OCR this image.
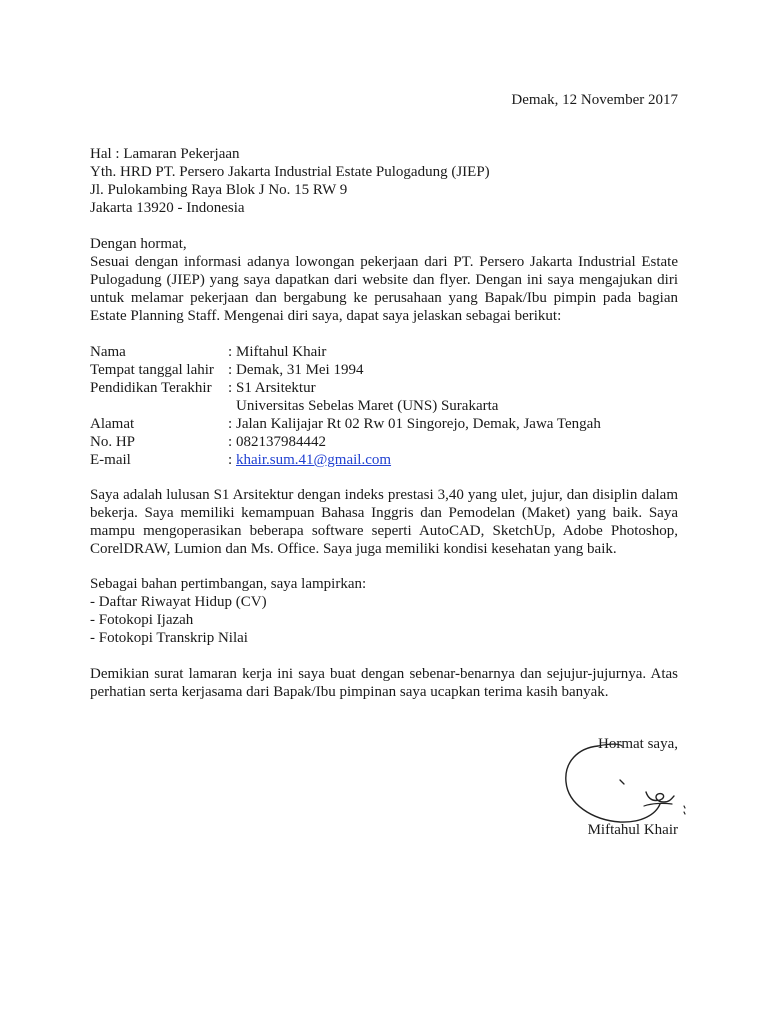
Demak, 12 November 2017
Hal : Lamaran Pekerjaan
Yth. HRD PT. Persero Jakarta Industrial Estate Pulogadung (JIEP)
Jl. Pulokambing Raya Blok J No. 15 RW 9
Jakarta 13920 - Indonesia
Dengan hormat,

Sesuai dengan informasi adanya lowongan pekerjaan dari PT. Persero Jakarta Industrial Estate Pulogadung (JIEP) yang saya dapatkan dari website dan flyer. Dengan ini saya mengajukan diri untuk melamar pekerjaan dan bergabung ke perusahaan yang Bapak/Ibu pimpin pada bagian Estate Planning Staff. Mengenai diri saya, dapat saya jelaskan sebagai berikut:

Nama	: Miftahul Khair
Tempat tanggal lahir : Demak, 31 Mei 1994
Pendidikan Terakhir	: S1 Arsitektur
Universitas Sebelas Maret (UNS) Surakarta
Alamat	: Jalan Kalijajar Rt 02 Rw 01 Singorejo, Demak, Jawa Tengah
No. HP	: 082137984442
E-mail	: khair.sum.41@gmail.com

Saya adalah lulusan S1 Arsitektur dengan indeks prestasi 3,40 yang ulet, jujur, dan disiplin dalam bekerja. Saya memiliki kemampuan Bahasa Inggris dan Pemodelan (Maket) yang baik. Saya mampu mengoperasikan beberapa software seperti AutoCAD, SketchUp, Adobe Photoshop, CorelDRAW, Lumion dan Ms. Office. Saya juga memiliki kondisi kesehatan yang baik.

Sebagai bahan pertimbangan, saya lampirkan:
- Daftar Riwayat Hidup (CV)
- Fotokopi Ijazah
- Fotokopi Transkrip Nilai

Demikian surat lamaran kerja ini saya buat dengan sebenar-benarnya dan sejujur-jujurnya. Atas perhatian serta kerjasama dari Bapak/Ibu pimpinan saya ucapkan terima kasih banyak.

Hormat saya,
Miftahul Khair
